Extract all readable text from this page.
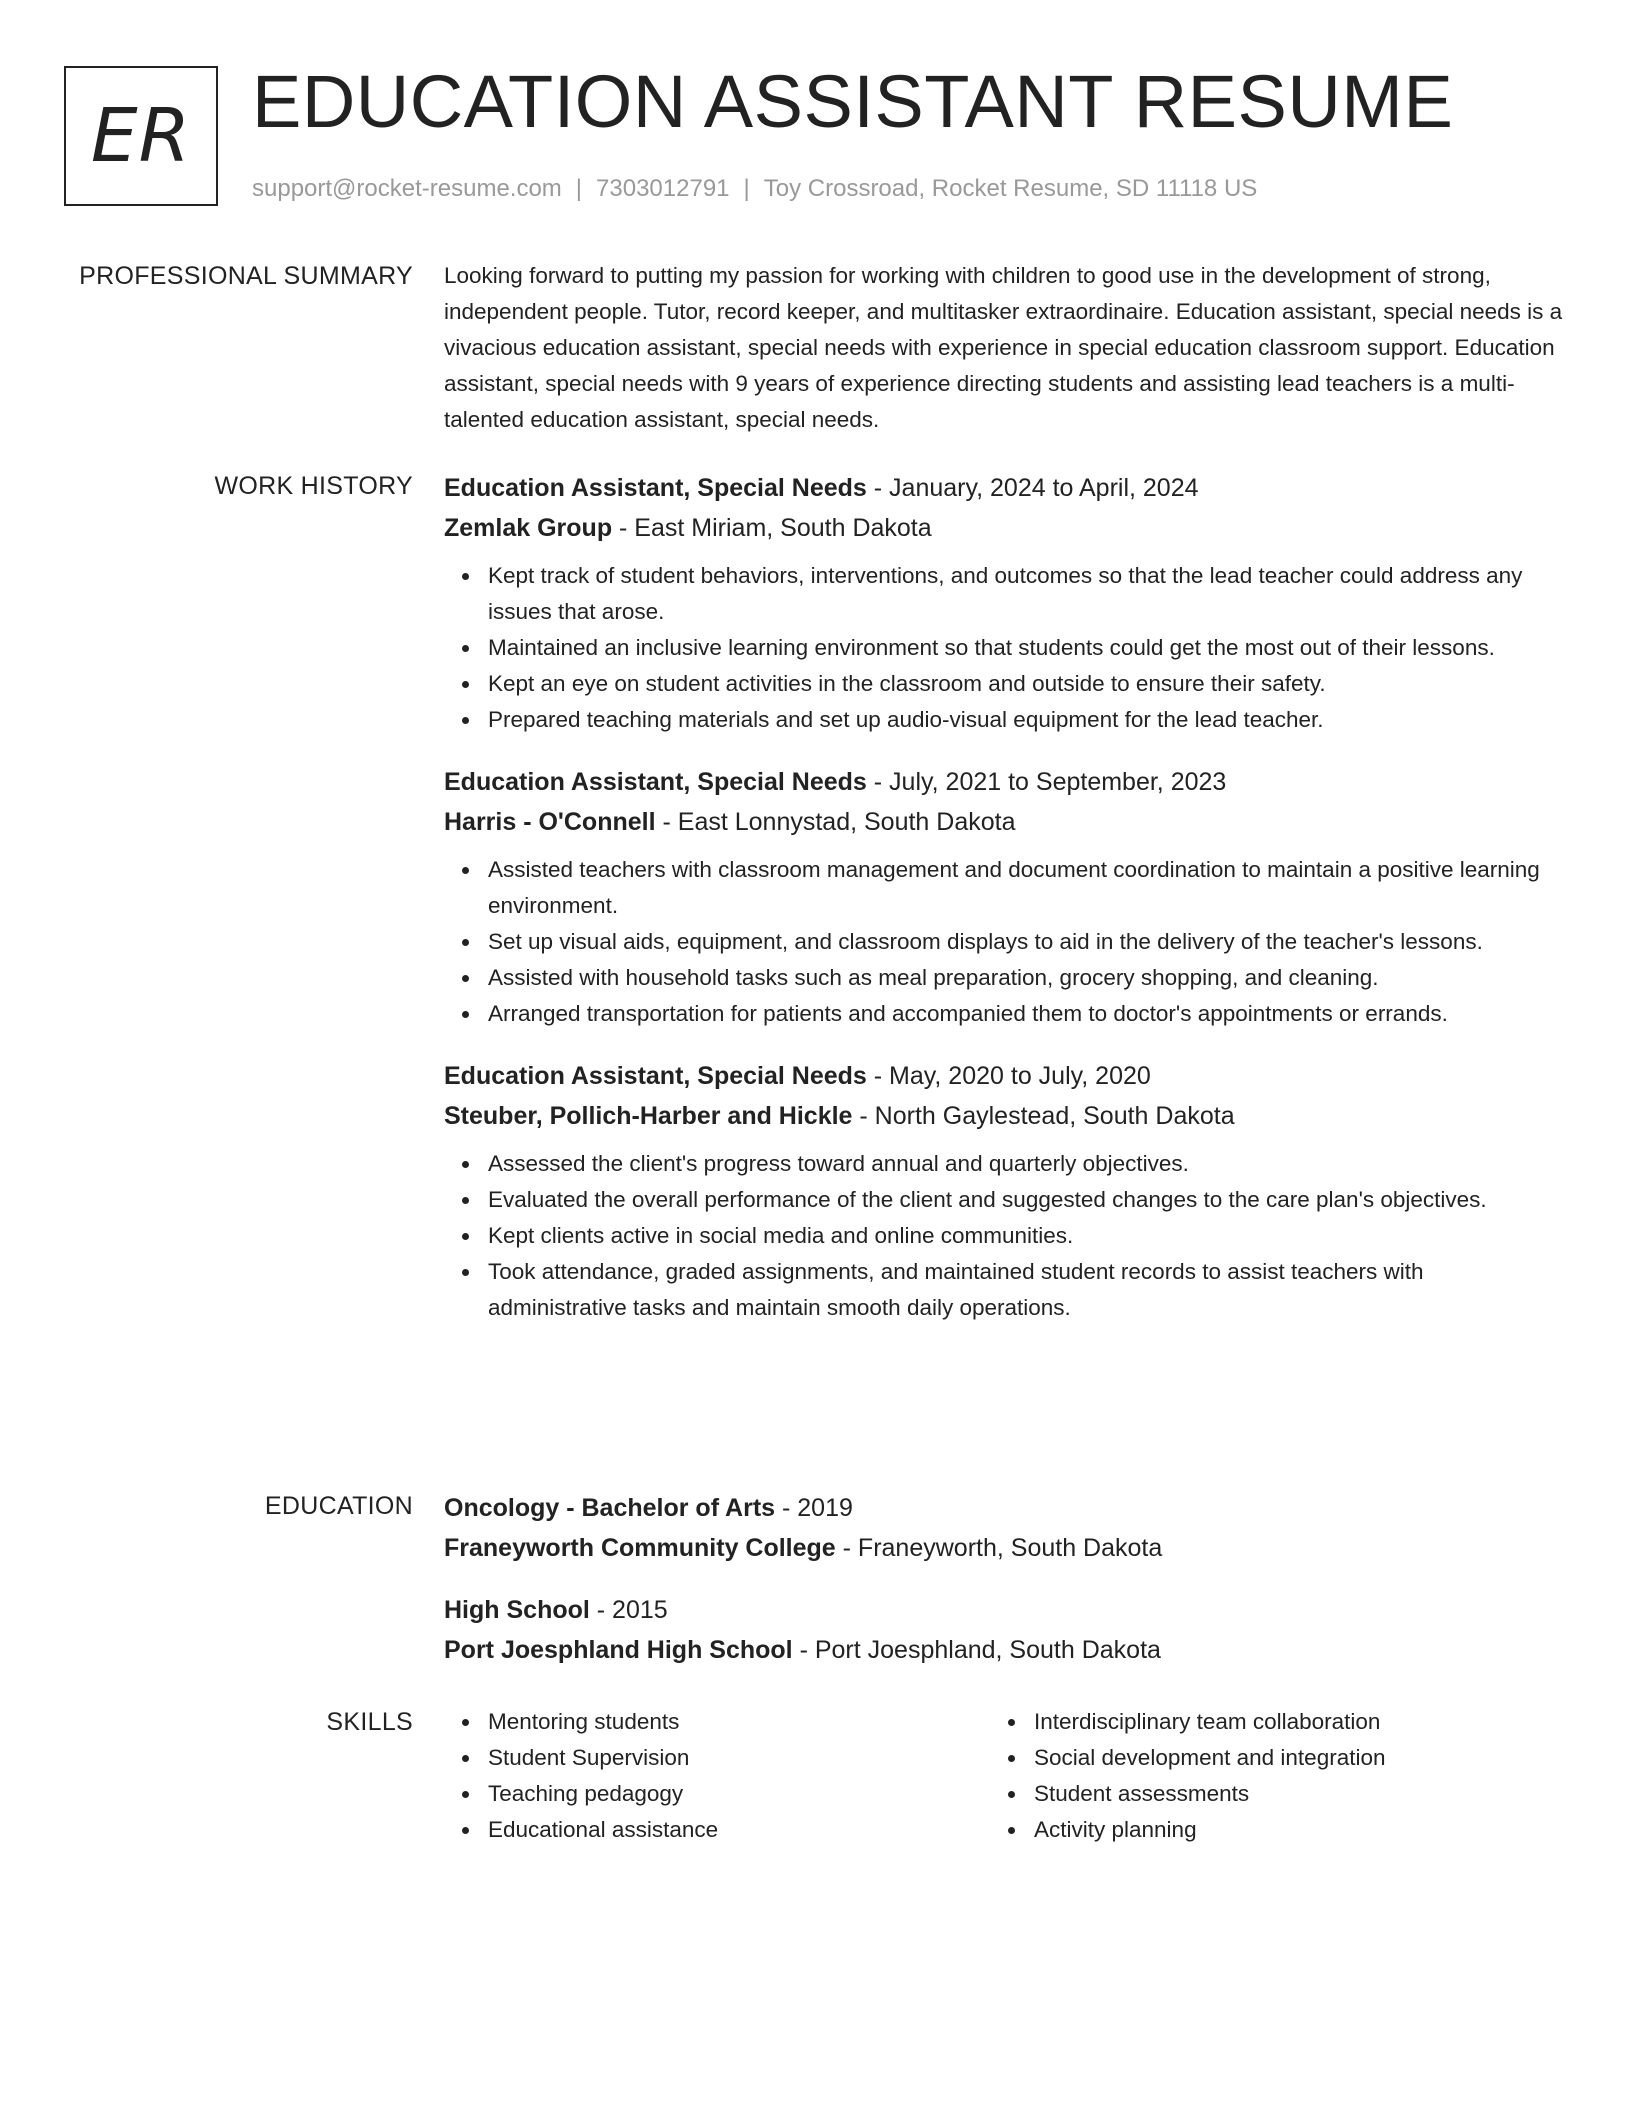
ER EDUCATION ASSISTANT RESUME
support@rocket-resume.com | 7303012791 | Toy Crossroad, Rocket Resume, SD 11118 US
PROFESSIONAL SUMMARY Looking forward to putting my passion for working with children to good use in the development of strong, independent people. Tutor, record keeper, and multitasker extraordinaire. Education assistant, special needs is a vivacious education assistant, special needs with experience in special education classroom support. Education assistant, special needs with 9 years of experience directing students and assisting lead teachers is a multi-talented education assistant, special needs.

WORK HISTORY Education Assistant, Special Needs - January, 2024 to April, 2024
Zemlak Group - East Miriam, South Dakota
Kept track of student behaviors, interventions, and outcomes so that the lead teacher could address any issues that arose.
Maintained an inclusive learning environment so that students could get the most out of their lessons.
Kept an eye on student activities in the classroom and outside to ensure their safety.
Prepared teaching materials and set up audio-visual equipment for the lead teacher.
Education Assistant, Special Needs - July, 2021 to September, 2023
Harris - O'Connell - East Lonnystad, South Dakota
Assisted teachers with classroom management and document coordination to maintain a positive learning environment.
Set up visual aids, equipment, and classroom displays to aid in the delivery of the teacher's lessons.
Assisted with household tasks such as meal preparation, grocery shopping, and cleaning.
Arranged transportation for patients and accompanied them to doctor's appointments or errands.
Education Assistant, Special Needs - May, 2020 to July, 2020
Steuber, Pollich-Harber and Hickle - North Gaylestead, South Dakota
Assessed the client's progress toward annual and quarterly objectives.
Evaluated the overall performance of the client and suggested changes to the care plan's objectives.
Kept clients active in social media and online communities.
Took attendance, graded assignments, and maintained student records to assist teachers with administrative tasks and maintain smooth daily operations.
EDUCATION Oncology - Bachelor of Arts - 2019
Franeyworth Community College - Franeyworth, South Dakota
High School - 2015
Port Joesphland High School - Port Joesphland, South Dakota
SKILLS	Mentoring students
Student Supervision
Teaching pedagogy
Educational assistance
Interdisciplinary team collaboration
Social development and integration
Student assessments
Activity planning
